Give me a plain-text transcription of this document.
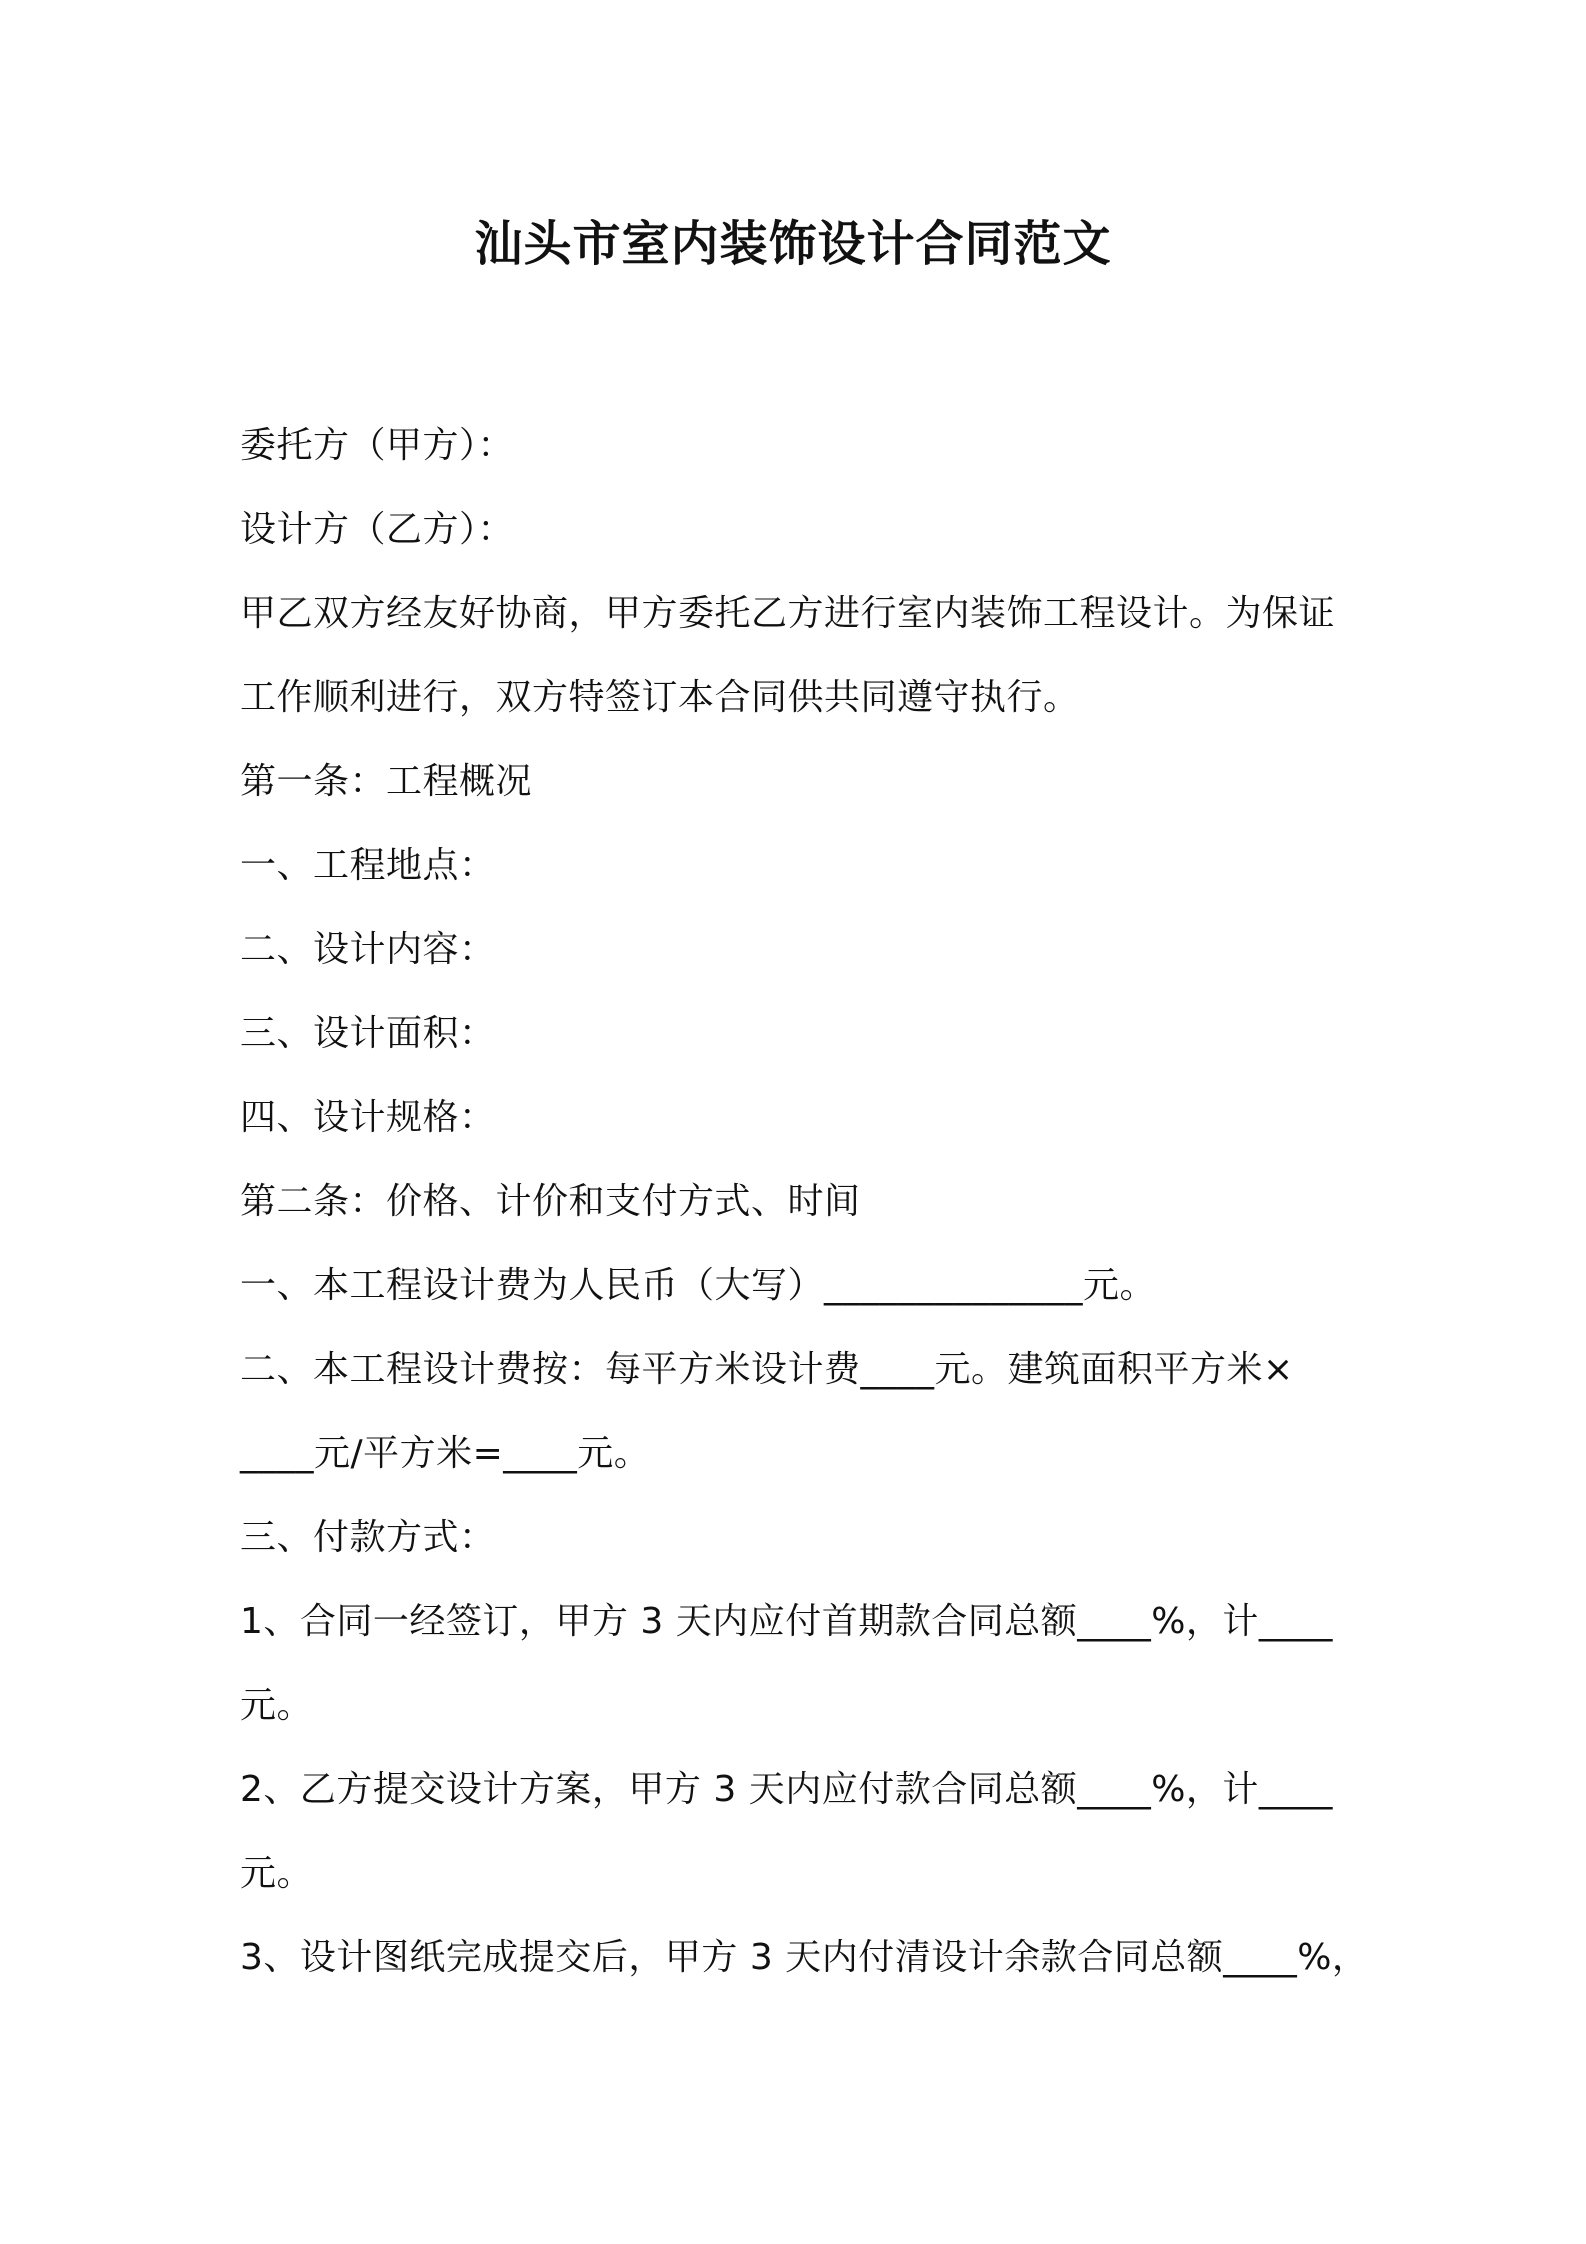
汕头市室内装饰设计合同范文
委托方（甲方）：
设计方（乙方）：
甲乙双方经友好协商，甲方委托乙方进行室内装饰工程设计。为保证
工作顺利进行，双方特签订本合同供共同遵守执行。
第一条：工程概况
一、工程地点：
二、设计内容：
三、设计面积：
四、设计规格：
第二条：价格、计价和支付方式、时间
一、本工程设计费为人民币（大写）______________元。
二、本工程设计费按：每平方米设计费____元。建筑面积平方米×
____元/平方米=____元。
三、付款方式：
1、合同一经签订，甲方 3 天内应付首期款合同总额____%，计____
元。
2、乙方提交设计方案，甲方 3 天内应付款合同总额____%，计____
元。
3、设计图纸完成提交后，甲方 3 天内付清设计余款合同总额____%，
